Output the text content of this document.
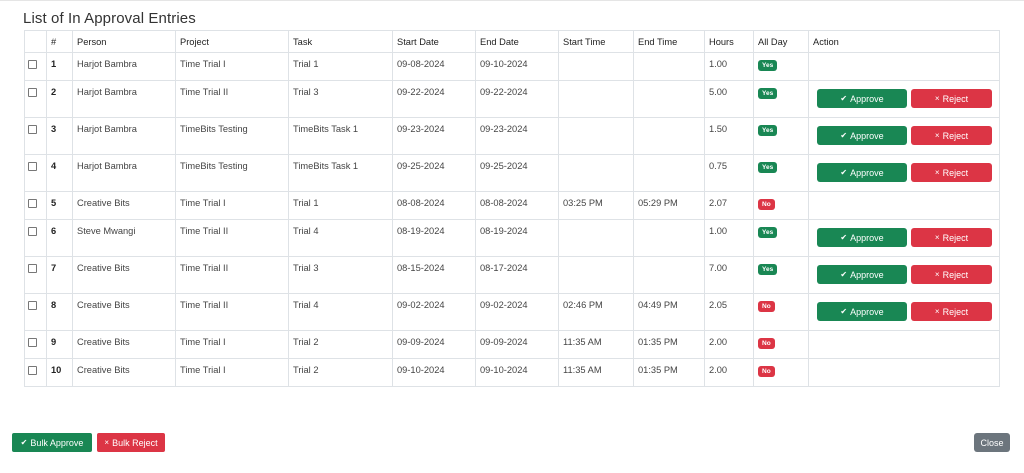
List of In Approval Entries
	#	Person	Project	Task	Start Date	End Date	Start Time	End Time	Hours	All Day	Action
	1	Harjot Bambra	Time Trial I	Trial 1	09-08-2024	09-10-2024			1.00	Yes	
	2	Harjot Bambra	Time Trial II	Trial 3	09-22-2024	09-22-2024			5.00	Yes	✔ Approve × Reject

	3	Harjot Bambra	TimeBits Testing	TimeBits Task 1	09-23-2024	09-23-2024			1.50	Yes	✔ Approve × Reject

	4	Harjot Bambra	TimeBits Testing	TimeBits Task 1	09-25-2024	09-25-2024			0.75	Yes	✔ Approve × Reject

	5	Creative Bits	Time Trial I	Trial 1	08-08-2024	08-08-2024	03:25 PM	05:29 PM	2.07	No	
	6	Steve Mwangi	Time Trial II	Trial 4	08-19-2024	08-19-2024			1.00	Yes	✔ Approve × Reject

	7	Creative Bits	Time Trial II	Trial 3	08-15-2024	08-17-2024			7.00	Yes	✔ Approve × Reject

	8	Creative Bits	Time Trial II	Trial 4	09-02-2024	09-02-2024	02:46 PM	04:49 PM	2.05	No	✔ Approve × Reject

	9	Creative Bits	Time Trial I	Trial 2	09-09-2024	09-09-2024	11:35 AM	01:35 PM	2.00	No	
	10	Creative Bits	Time Trial I	Trial 2	09-10-2024	09-10-2024	11:35 AM	01:35 PM	2.00	No	
✔ Bulk Approve	× Bulk Reject	Close
